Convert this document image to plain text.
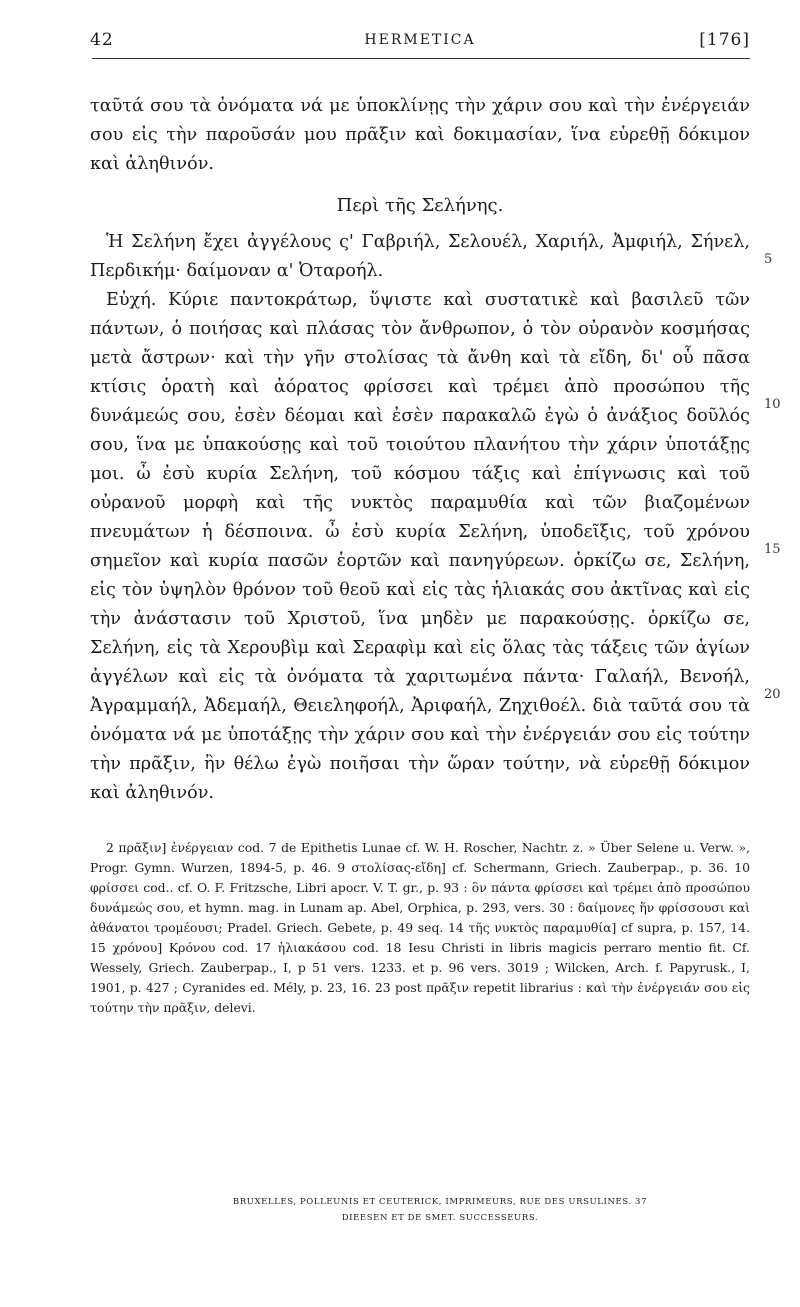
42	HERMETICA	[176]

ταῦτά σου τὰ ὀνόματα νά με ὑποκλίνῃς τὴν χάριν σου καὶ τὴν ἐνέργειάν σου εἰς τὴν παροῦσάν μου πρᾶξιν καὶ δοκιμασίαν, ἵνα εὑρεθῇ δόκιμον καὶ ἀληθινόν.

Περὶ τῆς Σελήνης.

Ἡ Σελήνη ἔχει ἀγγέλους ς' Γαβριήλ, Σελουέλ, Χαριήλ, Ἀμφιήλ, Σήνελ, Περδικήμ· δαίμοναν α' Ὀταροήλ.

Εὐχή. Κύριε παντοκράτωρ, ὕψιστε καὶ συστατικὲ καὶ βασιλεῦ τῶν πάντων, ὁ ποιήσας καὶ πλάσας τὸν ἄνθρωπον, ὁ τὸν οὐρανὸν κοσμήσας μετὰ ἄστρων· καὶ τὴν γῆν στολίσας τὰ ἄνθη καὶ τὰ εἴδη, δι' οὗ πᾶσα κτίσις ὁρατὴ καὶ ἀόρατος φρίσσει καὶ τρέμει ἀπὸ προσώπου τῆς δυνάμεώς σου, ἐσὲν δέομαι καὶ ἐσὲν παρακαλῶ ἐγὼ ὁ ἀνάξιος δοῦλός σου, ἵνα με ὑπακούσῃς καὶ τοῦ τοιούτου πλανήτου τὴν χάριν ὑποτάξῃς μοι. ὦ ἐσὺ κυρία Σελήνη, τοῦ κόσμου τάξις καὶ ἐπίγνωσις καὶ τοῦ οὐρανοῦ μορφὴ καὶ τῆς νυκτὸς παραμυθία καὶ τῶν βιαζομένων πνευμάτων ἡ δέσποινα. ὦ ἐσὺ κυρία Σελήνη, ὑποδεῖξις, τοῦ χρόνου σημεῖον καὶ κυρία πασῶν ἑορτῶν καὶ πανηγύρεων. ὁρκίζω σε, Σελήνη, εἰς τὸν ὑψηλὸν θρόνον τοῦ θεοῦ καὶ εἰς τὰς ἡλιακάς σου ἀκτῖνας καὶ εἰς τὴν ἀνάστασιν τοῦ Χριστοῦ, ἵνα μηδὲν με παρακούσῃς. ὁρκίζω σε, Σελήνη, εἰς τὰ Χερουβὶμ καὶ Σεραφὶμ καὶ εἰς ὅλας τὰς τάξεις τῶν ἁγίων ἀγγέλων καὶ εἰς τὰ ὀνόματα τὰ χαριτωμένα πάντα· Γαλαήλ, Βενοήλ, Ἀγραμμαήλ, Ἀδεμαήλ, Θειεληφοήλ, Ἀριφαήλ, Ζηχιθοέλ. διὰ ταῦτά σου τὰ ὀνόματα νά με ὑποτάξῃς τὴν χάριν σου καὶ τὴν ἐνέργειάν σου εἰς τούτην τὴν πρᾶξιν, ἣν θέλω ἐγὼ ποιῆσαι τὴν ὥραν τούτην, νὰ εὑρεθῇ δόκιμον καὶ ἀληθινόν.

5
10
15
20

2 πρᾶξιν] ἐνέργειαν cod. 7 de Epithetis Lunae cf. W. H. Roscher, Nachtr. z. » Über Selene u. Verw. », Progr. Gymn. Wurzen, 1894-5, p. 46. 9 στολίσας-εἴδη] cf. Schermann, Griech. Zauberpap., p. 36. 10 φρίσσει cod.. cf. O. F. Fritzsche, Libri apocr. V. T. gr., p. 93 : ὃν πάντα φρίσσει καὶ τρέμει ἀπὸ προσώπου δυνάμεώς σου, et hymn. mag. in Lunam ap. Abel, Orphica, p. 293, vers. 30 : δαίμονες ἥν φρίσσουσι καὶ ἀθάνατοι τρομέουσι; Pradel. Griech. Gebete, p. 49 seq. 14 τῆς νυκτὸς παραμυθία] cf supra, p. 157, 14. 15 χρόνου] Κρόνου cod. 17 ἡλιακάσου cod. 18 Iesu Christi in libris magicis perraro mentio fit. Cf. Wessely, Griech. Zauberpap., I, p 51 vers. 1233. et p. 96 vers. 3019 ; Wilcken, Arch. f. Papyrusk., I, 1901, p. 427 ; Cyranides ed. Mély, p. 23, 16. 23 post πρᾶξιν repetit librarius : καὶ τὴν ἐνέργειάν σου εἰς τούτην τὴν πρᾶξιν, delevi.

BRUXELLES, POLLEUNIS ET CEUTERICK, IMPRIMEURS, RUE DES URSULINES. 37
DIEESEN ET DE SMET. SUCCESSEURS.
